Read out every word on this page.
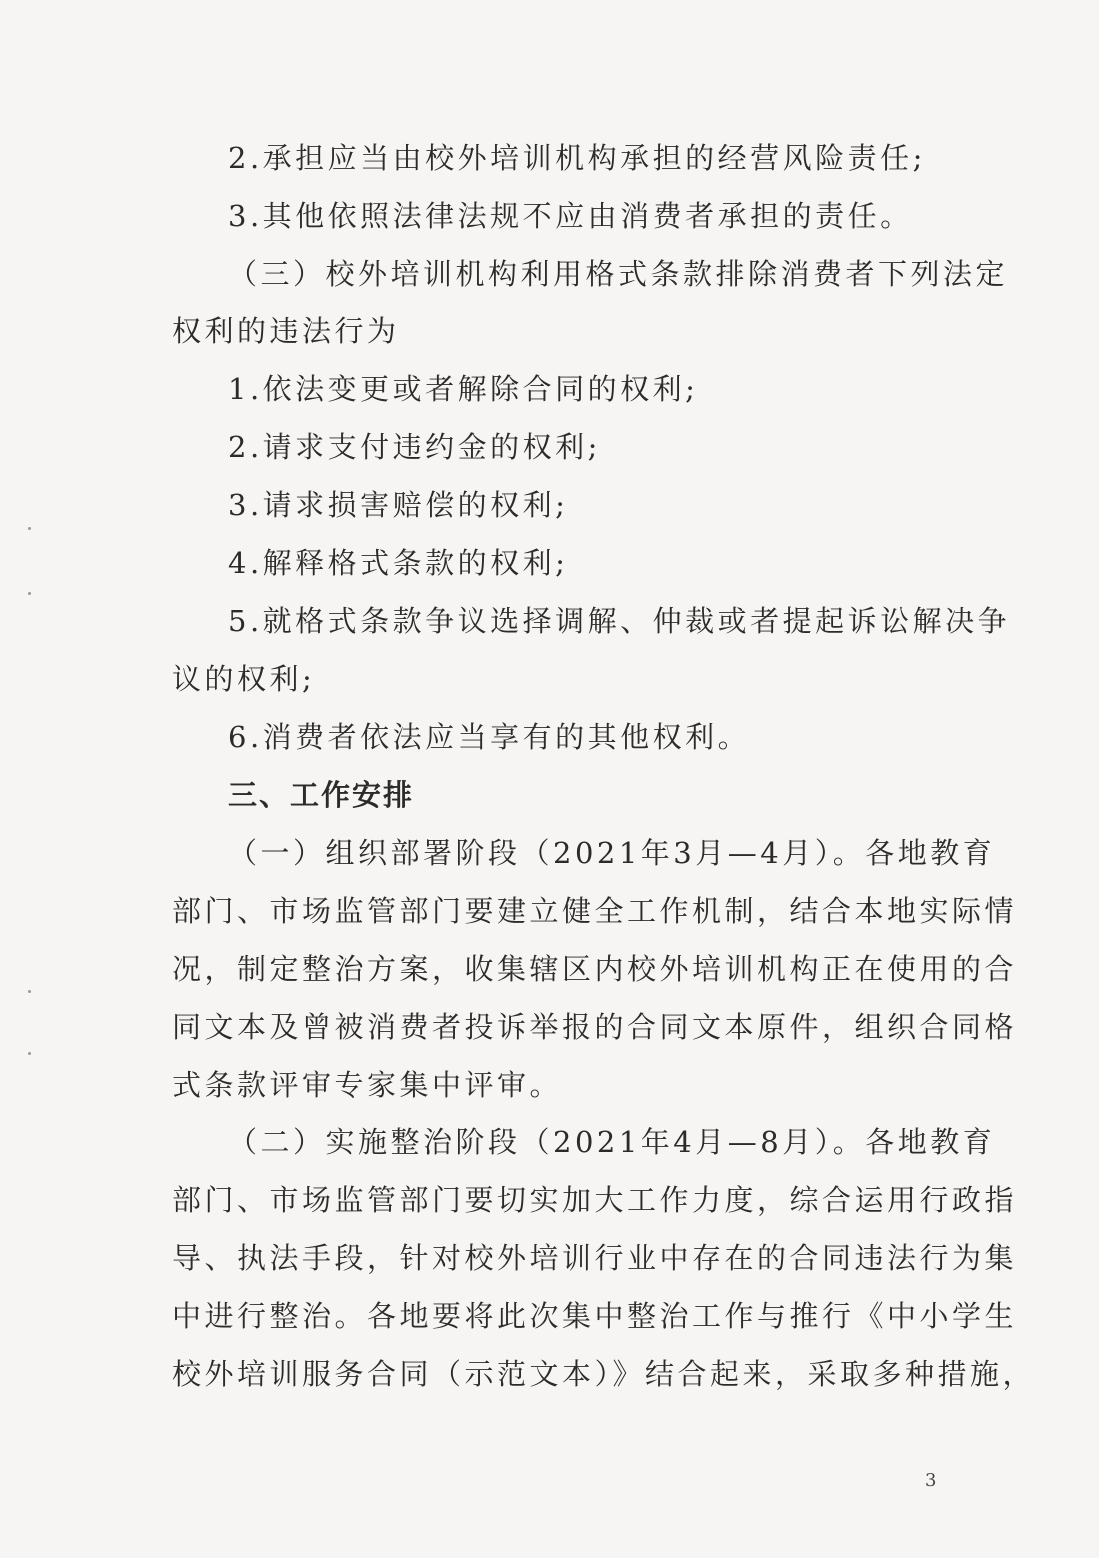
2.承担应当由校外培训机构承担的经营风险责任;
3.其他依照法律法规不应由消费者承担的责任。
（三）校外培训机构利用格式条款排除消费者下列法定
权利的违法行为
1.依法变更或者解除合同的权利;
2.请求支付违约金的权利;
3.请求损害赔偿的权利;
4.解释格式条款的权利;
5.就格式条款争议选择调解、仲裁或者提起诉讼解决争
议的权利;
6.消费者依法应当享有的其他权利。
三、工作安排
（一）组织部署阶段（2021年3月—4月）。各地教育
部门、市场监管部门要建立健全工作机制，结合本地实际情
况，制定整治方案，收集辖区内校外培训机构正在使用的合
同文本及曾被消费者投诉举报的合同文本原件，组织合同格
式条款评审专家集中评审。
（二）实施整治阶段（2021年4月—8月）。各地教育
部门、市场监管部门要切实加大工作力度，综合运用行政指
导、执法手段，针对校外培训行业中存在的合同违法行为集
中进行整治。各地要将此次集中整治工作与推行《中小学生
校外培训服务合同（示范文本）》结合起来，采取多种措施，
3
